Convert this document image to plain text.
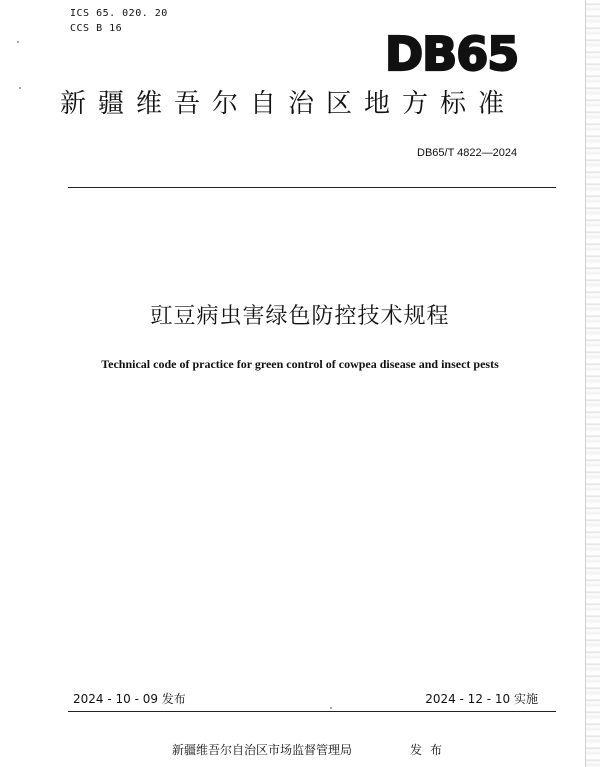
ICS 65. 020. 20
CCS B 16	DB65
新疆维吾尔自治区地方标准
DB65/T 4822—2024
豇豆病虫害绿色防控技术规程
Technical code of practice for green control of cowpea disease and insect pests
2024 - 10 - 09 发布	2024 - 12 - 10 实施
新疆维吾尔自治区市场监督管理局	发布
